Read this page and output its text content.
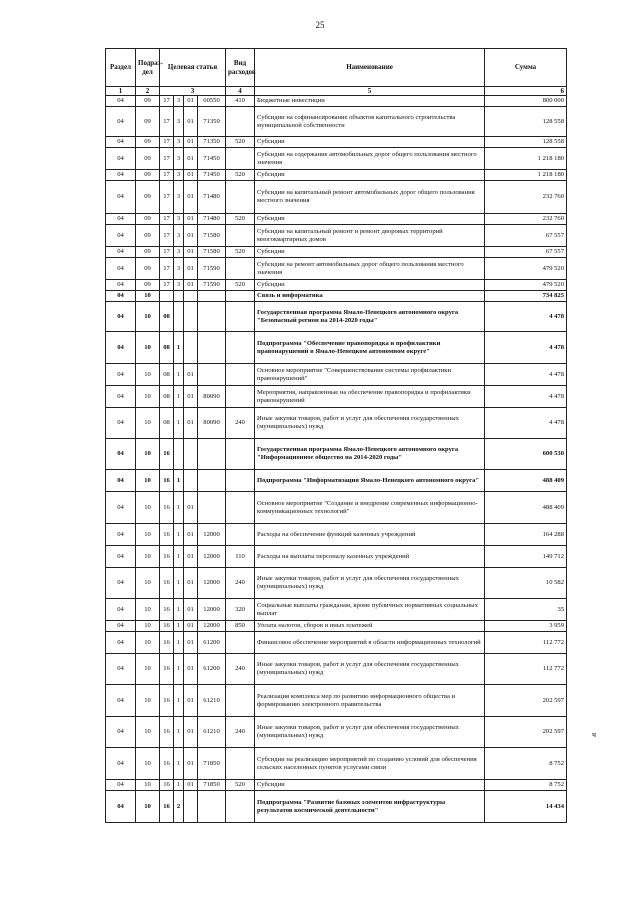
25
Раздел	Подраз-дел	Целевая статья				Вид расходов	Наименование	Сумма
1	2	3				4	5	6
04	09	17	3	01	60550	410	Бюджетные инвестиции	800 000
04	09	17	3	01	71350		Субсидии на софинансирование объектов капитального строительства муниципальной собственности	128 558
04	09	17	3	01	71350	520	Субсидии	128 558
04	09	17	3	01	71450		Субсидии на содержание автомобильных дорог общего пользования местного значения	1 218 180
04	09	17	3	01	71450	520	Субсидии	1 218 180
04	09	17	3	01	71480		Субсидии на капитальный ремонт автомобильных дорог общего пользования местного значения	232 760
04	09	17	3	01	71480	520	Субсидии	232 760
04	09	17	3	01	71580		Субсидии на капитальный ремонт и ремонт дворовых территорий многоквартирных домов	67 557
04	09	17	3	01	71580	520	Субсидии	67 557
04	09	17	3	01	71590		Субсидии на ремонт автомобильных дорог общего пользования местного значения	479 520
04	09	17	3	01	71590	520	Субсидии	479 520
04	10						Связь и информатика	734 825
04	10	08					Государственная программа Ямало-Ненецкого автономного округа "Безопасный регион на 2014-2020 годы"	4 478
04	10	08	1				Подпрограмма "Обеспечение правопорядка и профилактики правонарушений в Ямало-Ненецком автономном округе"	4 478
04	10	08	1	01			Основное мероприятие "Совершенствование системы профилактики правонарушений"	4 478
04	10	08	1	01	80090		Мероприятия, направленные на обеспечение правопорядка и профилактики правонарушений	4 478
04	10	08	1	01	80090	240	Иные закупки товаров, работ и услуг для обеспечения государственных (муниципальных) нужд	4 478
04	10	16					Государственная программа Ямало-Ненецкого автономного округа "Информационное общество на 2014-2020 годы"	600 530
04	10	16	1				Подпрограмма "Информатизация Ямало-Ненецкого автономного округа"	488 409
04	10	16	1	01			Основное мероприятие "Создание и внедрение современных информационно-коммуникационных технологий"	488 409
04	10	16	1	01	12000		Расходы на обеспечение функций казенных учреждений	164 288
04	10	16	1	01	12000	110	Расходы на выплаты персоналу казенных учреждений	149 712
04	10	16	1	01	12000	240	Иные закупки товаров, работ и услуг для обеспечения государственных (муниципальных) нужд	10 582
04	10	16	1	01	12000	320	Социальные выплаты гражданам, кроме публичных нормативных социальных выплат	35
04	10	16	1	01	12000	850	Уплата налогов, сборов и иных платежей	3 959
04	10	16	1	01	61200		Финансовое обеспечение мероприятий в области информационных технологий	112 772
04	10	16	1	01	61200	240	Иные закупки товаров, работ и услуг для обеспечения государственных (муниципальных) нужд	112 772
04	10	16	1	01	61210		Реализация комплекса мер по развитию информационного общества и формированию электронного правительства	202 597
04	10	16	1	01	61210	240	Иные закупки товаров, работ и услуг для обеспечения государственных (муниципальных) нужд	202 597
04	10	16	1	01	71850		Субсидии на реализацию мероприятий по созданию условий для обеспечения сельских населенных пунктов услугами связи	8 752
04	10	16	1	01	71850	520	Субсидии	8 752
04	10	16	2				Подпрограмма "Развитие базовых элементов инфраструктуры результатов космической деятельности"	14 434
ч
